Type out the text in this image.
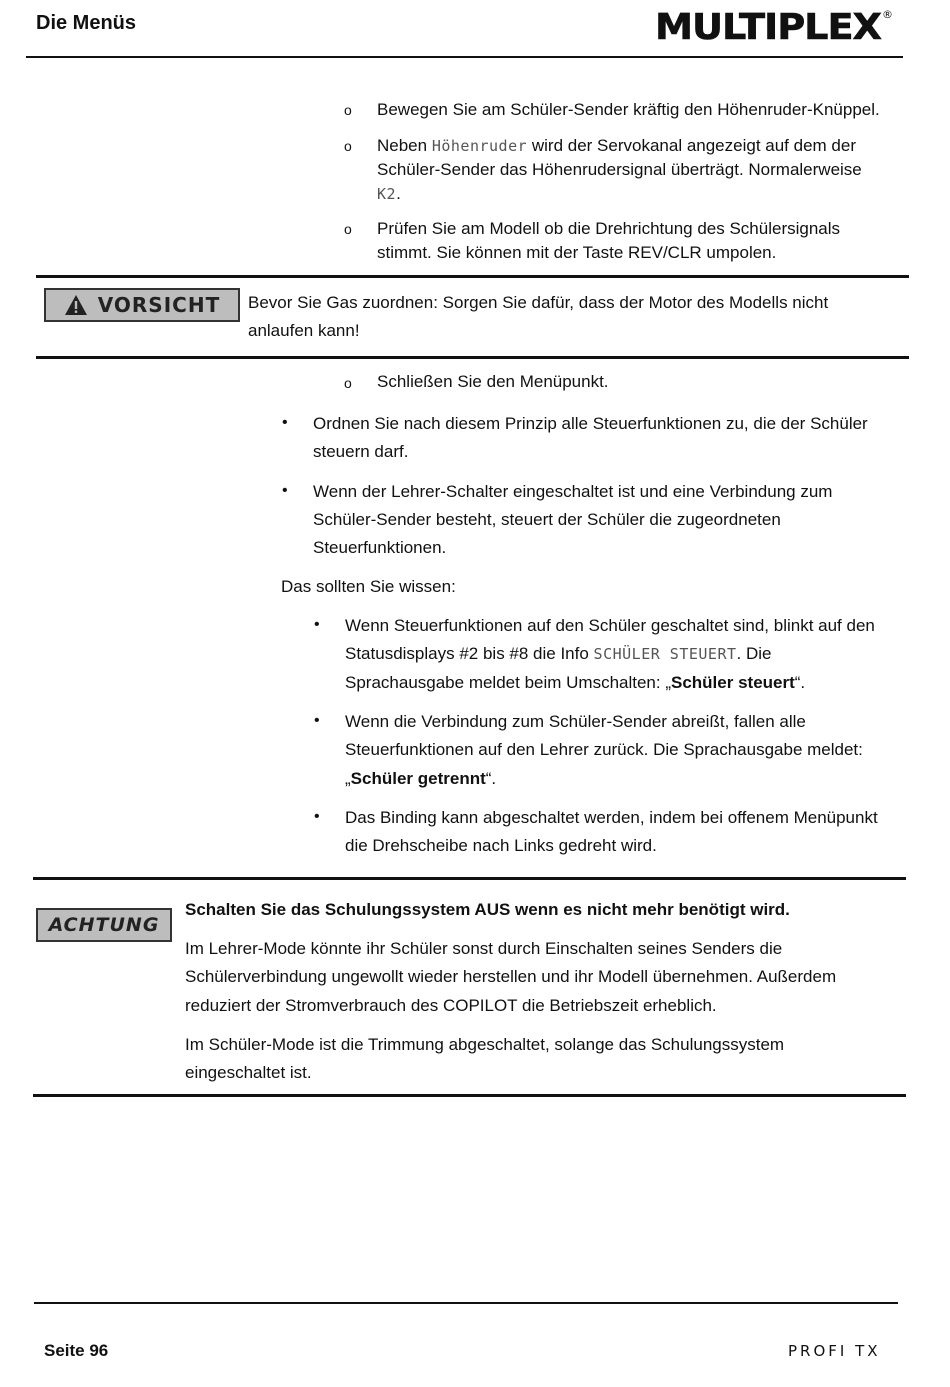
Die Menüs	MULTIPLEX ®
o Bewegen Sie am Schüler-Sender kräftig den Höhenruder-Knüppel.
o Neben Höhenruder wird der Servokanal angezeigt auf dem der
Schüler-Sender das Höhenrudersignal überträgt. Normalerweise
K2.
o Prüfen Sie am Modell ob die Drehrichtung des Schülersignals
stimmt. Sie können mit der Taste REV/CLR umpolen.
VORSICHT Bevor Sie Gas zuordnen: Sorgen Sie dafür, dass der Motor des Modells nicht
anlaufen kann!
o Schließen Sie den Menüpunkt.
• Ordnen Sie nach diesem Prinzip alle Steuerfunktionen zu, die der Schüler
steuern darf.
• Wenn der Lehrer-Schalter eingeschaltet ist und eine Verbindung zum
Schüler-Sender besteht, steuert der Schüler die zugeordneten
Steuerfunktionen.
Das sollten Sie wissen:
• Wenn Steuerfunktionen auf den Schüler geschaltet sind, blinkt auf den
Statusdisplays #2 bis #8 die Info SCHÜLER STEUERT. Die
Sprachausgabe meldet beim Umschalten: „Schüler steuert“.
• Wenn die Verbindung zum Schüler-Sender abreißt, fallen alle
Steuerfunktionen auf den Lehrer zurück. Die Sprachausgabe meldet:
„Schüler getrennt“.
• Das Binding kann abgeschaltet werden, indem bei offenem Menüpunkt
die Drehscheibe nach Links gedreht wird.
ACHTUNG
Schalten Sie das Schulungssystem AUS wenn es nicht mehr benötigt wird.
Im Lehrer-Mode könnte ihr Schüler sonst durch Einschalten seines Senders die
Schülerverbindung ungewollt wieder herstellen und ihr Modell übernehmen. Außerdem
reduziert der Stromverbrauch des COPILOT die Betriebszeit erheblich.
Im Schüler-Mode ist die Trimmung abgeschaltet, solange das Schulungssystem
eingeschaltet ist.
Seite 96	PROFI TX
